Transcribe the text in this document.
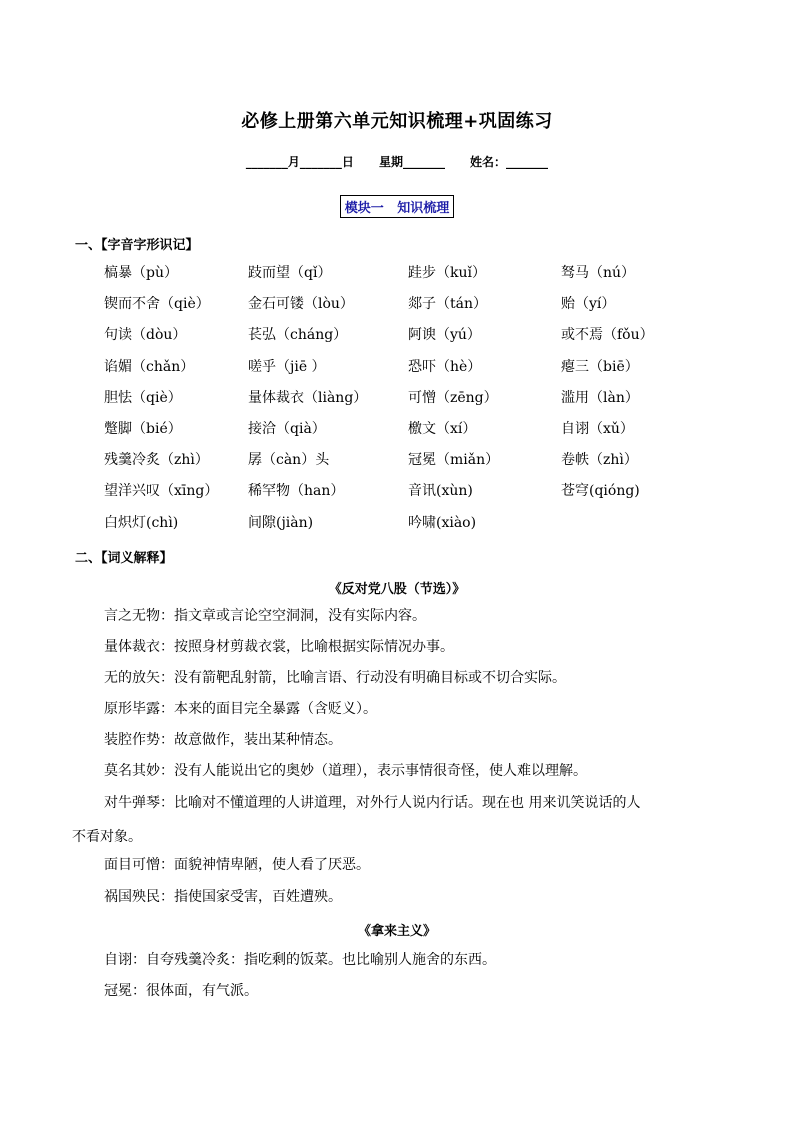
必修上册第六单元知识梳理+巩固练习
_______月_______日      星期_______      姓名：_______
模块一   知识梳理
一、【字音字形识记】
槁暴（pù）	跂而望（qǐ）	跬步（kuǐ）	驽马（nú）
锲而不舍（qiè）	金石可镂（lòu）	郯子（tán）	贻（yí）
句读（dòu）	苌弘（cháng）	阿谀（yú）	或不焉（fǒu）
谄媚（chǎn）	嗟乎（jiē ）	恐吓（hè）	瘪三（biē）
胆怯（qiè）	量体裁衣（liàng）	可憎（zēng）	滥用（làn）
蹩脚（bié）	接洽（qià）	檄文（xí）	自诩（xǔ）
残羹冷炙（zhì）	孱（càn）头	冠冕（miǎn）	卷帙（zhì）
望洋兴叹（xīng） 稀罕物（han）	音讯(xùn)	苍穹(qióng)
白炽灯(chì)	间隙(jiàn)	吟啸(xiào)
二、【词义解释】
《反对党八股（节选）》
言之无物：指文章或言论空空洞洞，没有实际内容。
量体裁衣：按照身材剪裁衣裳，比喻根据实际情况办事。
无的放矢：没有箭靶乱射箭，比喻言语、行动没有明确目标或不切合实际。
原形毕露：本来的面目完全暴露（含贬义）。
装腔作势：故意做作，装出某种情态。
莫名其妙：没有人能说出它的奥妙（道理），表示事情很奇怪，使人难以理解。
对牛弹琴：比喻对不懂道理的人讲道理，对外行人说内行话。现在也 用来讥笑说话的人
不看对象。
面目可憎：面貌神情卑陋，使人看了厌恶。
祸国殃民：指使国家受害，百姓遭殃。
《拿来主义》
自诩：自夸残羹冷炙：指吃剩的饭菜。也比喻别人施舍的东西。
冠冕：很体面，有气派。
